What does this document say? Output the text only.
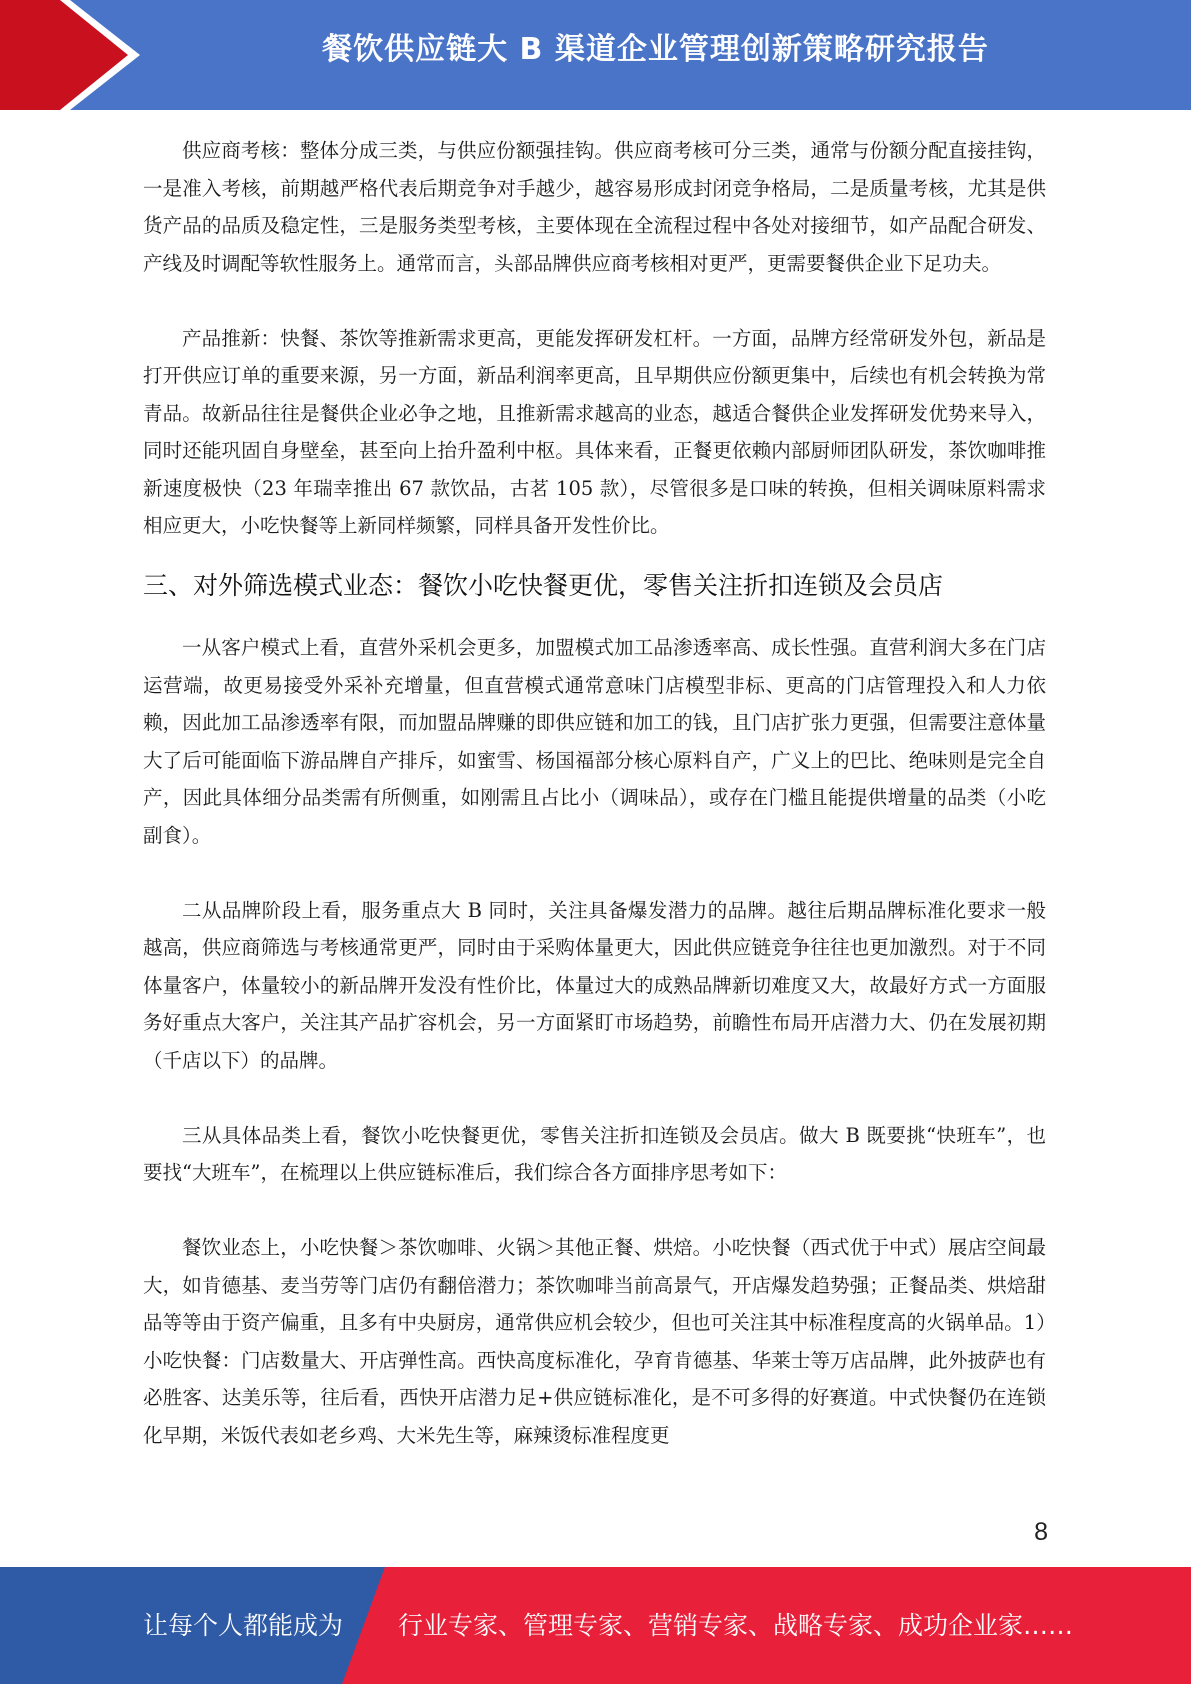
餐饮供应链大 B 渠道企业管理创新策略研究报告

供应商考核：整体分成三类，与供应份额强挂钩。供应商考核可分三类，通常与份额分配直接挂钩，一是准入考核，前期越严格代表后期竞争对手越少，越容易形成封闭竞争格局，二是质量考核，尤其是供货产品的品质及稳定性，三是服务类型考核，主要体现在全流程过程中各处对接细节，如产品配合研发、产线及时调配等软性服务上。通常而言，头部品牌供应商考核相对更严，更需要餐供企业下足功夫。

产品推新：快餐、茶饮等推新需求更高，更能发挥研发杠杆。一方面，品牌方经常研发外包，新品是打开供应订单的重要来源，另一方面，新品利润率更高，且早期供应份额更集中，后续也有机会转换为常青品。故新品往往是餐供企业必争之地，且推新需求越高的业态，越适合餐供企业发挥研发优势来导入，同时还能巩固自身壁垒，甚至向上抬升盈利中枢。具体来看，正餐更依赖内部厨师团队研发，茶饮咖啡推新速度极快（23 年瑞幸推出 67 款饮品，古茗 105 款），尽管很多是口味的转换，但相关调味原料需求相应更大，小吃快餐等上新同样频繁，同样具备开发性价比。

三、对外筛选模式业态：餐饮小吃快餐更优，零售关注折扣连锁及会员店

一从客户模式上看，直营外采机会更多，加盟模式加工品渗透率高、成长性强。直营利润大多在门店运营端，故更易接受外采补充增量，但直营模式通常意味门店模型非标、更高的门店管理投入和人力依赖，因此加工品渗透率有限，而加盟品牌赚的即供应链和加工的钱，且门店扩张力更强，但需要注意体量大了后可能面临下游品牌自产排斥，如蜜雪、杨国福部分核心原料自产，广义上的巴比、绝味则是完全自产，因此具体细分品类需有所侧重，如刚需且占比小（调味品），或存在门槛且能提供增量的品类（小吃副食）。

二从品牌阶段上看，服务重点大 B 同时，关注具备爆发潜力的品牌。越往后期品牌标准化要求一般越高，供应商筛选与考核通常更严，同时由于采购体量更大，因此供应链竞争往往也更加激烈。对于不同体量客户，体量较小的新品牌开发没有性价比，体量过大的成熟品牌新切难度又大，故最好方式一方面服务好重点大客户，关注其产品扩容机会，另一方面紧盯市场趋势，前瞻性布局开店潜力大、仍在发展初期（千店以下）的品牌。

三从具体品类上看，餐饮小吃快餐更优，零售关注折扣连锁及会员店。做大 B 既要挑“快班车”，也要找“大班车”，在梳理以上供应链标准后，我们综合各方面排序思考如下：

餐饮业态上，小吃快餐＞茶饮咖啡、火锅＞其他正餐、烘焙。小吃快餐（西式优于中式）展店空间最大，如肯德基、麦当劳等门店仍有翻倍潜力；茶饮咖啡当前高景气，开店爆发趋势强；正餐品类、烘焙甜品等等由于资产偏重，且多有中央厨房，通常供应机会较少，但也可关注其中标准程度高的火锅单品。1）小吃快餐：门店数量大、开店弹性高。西快高度标准化，孕育肯德基、华莱士等万店品牌，此外披萨也有必胜客、达美乐等，往后看，西快开店潜力足+供应链标准化，是不可多得的好赛道。中式快餐仍在连锁化早期，米饭代表如老乡鸡、大米先生等，麻辣烫标准程度更

8
让每个人都能成为 行业专家、管理专家、营销专家、战略专家、成功企业家……
